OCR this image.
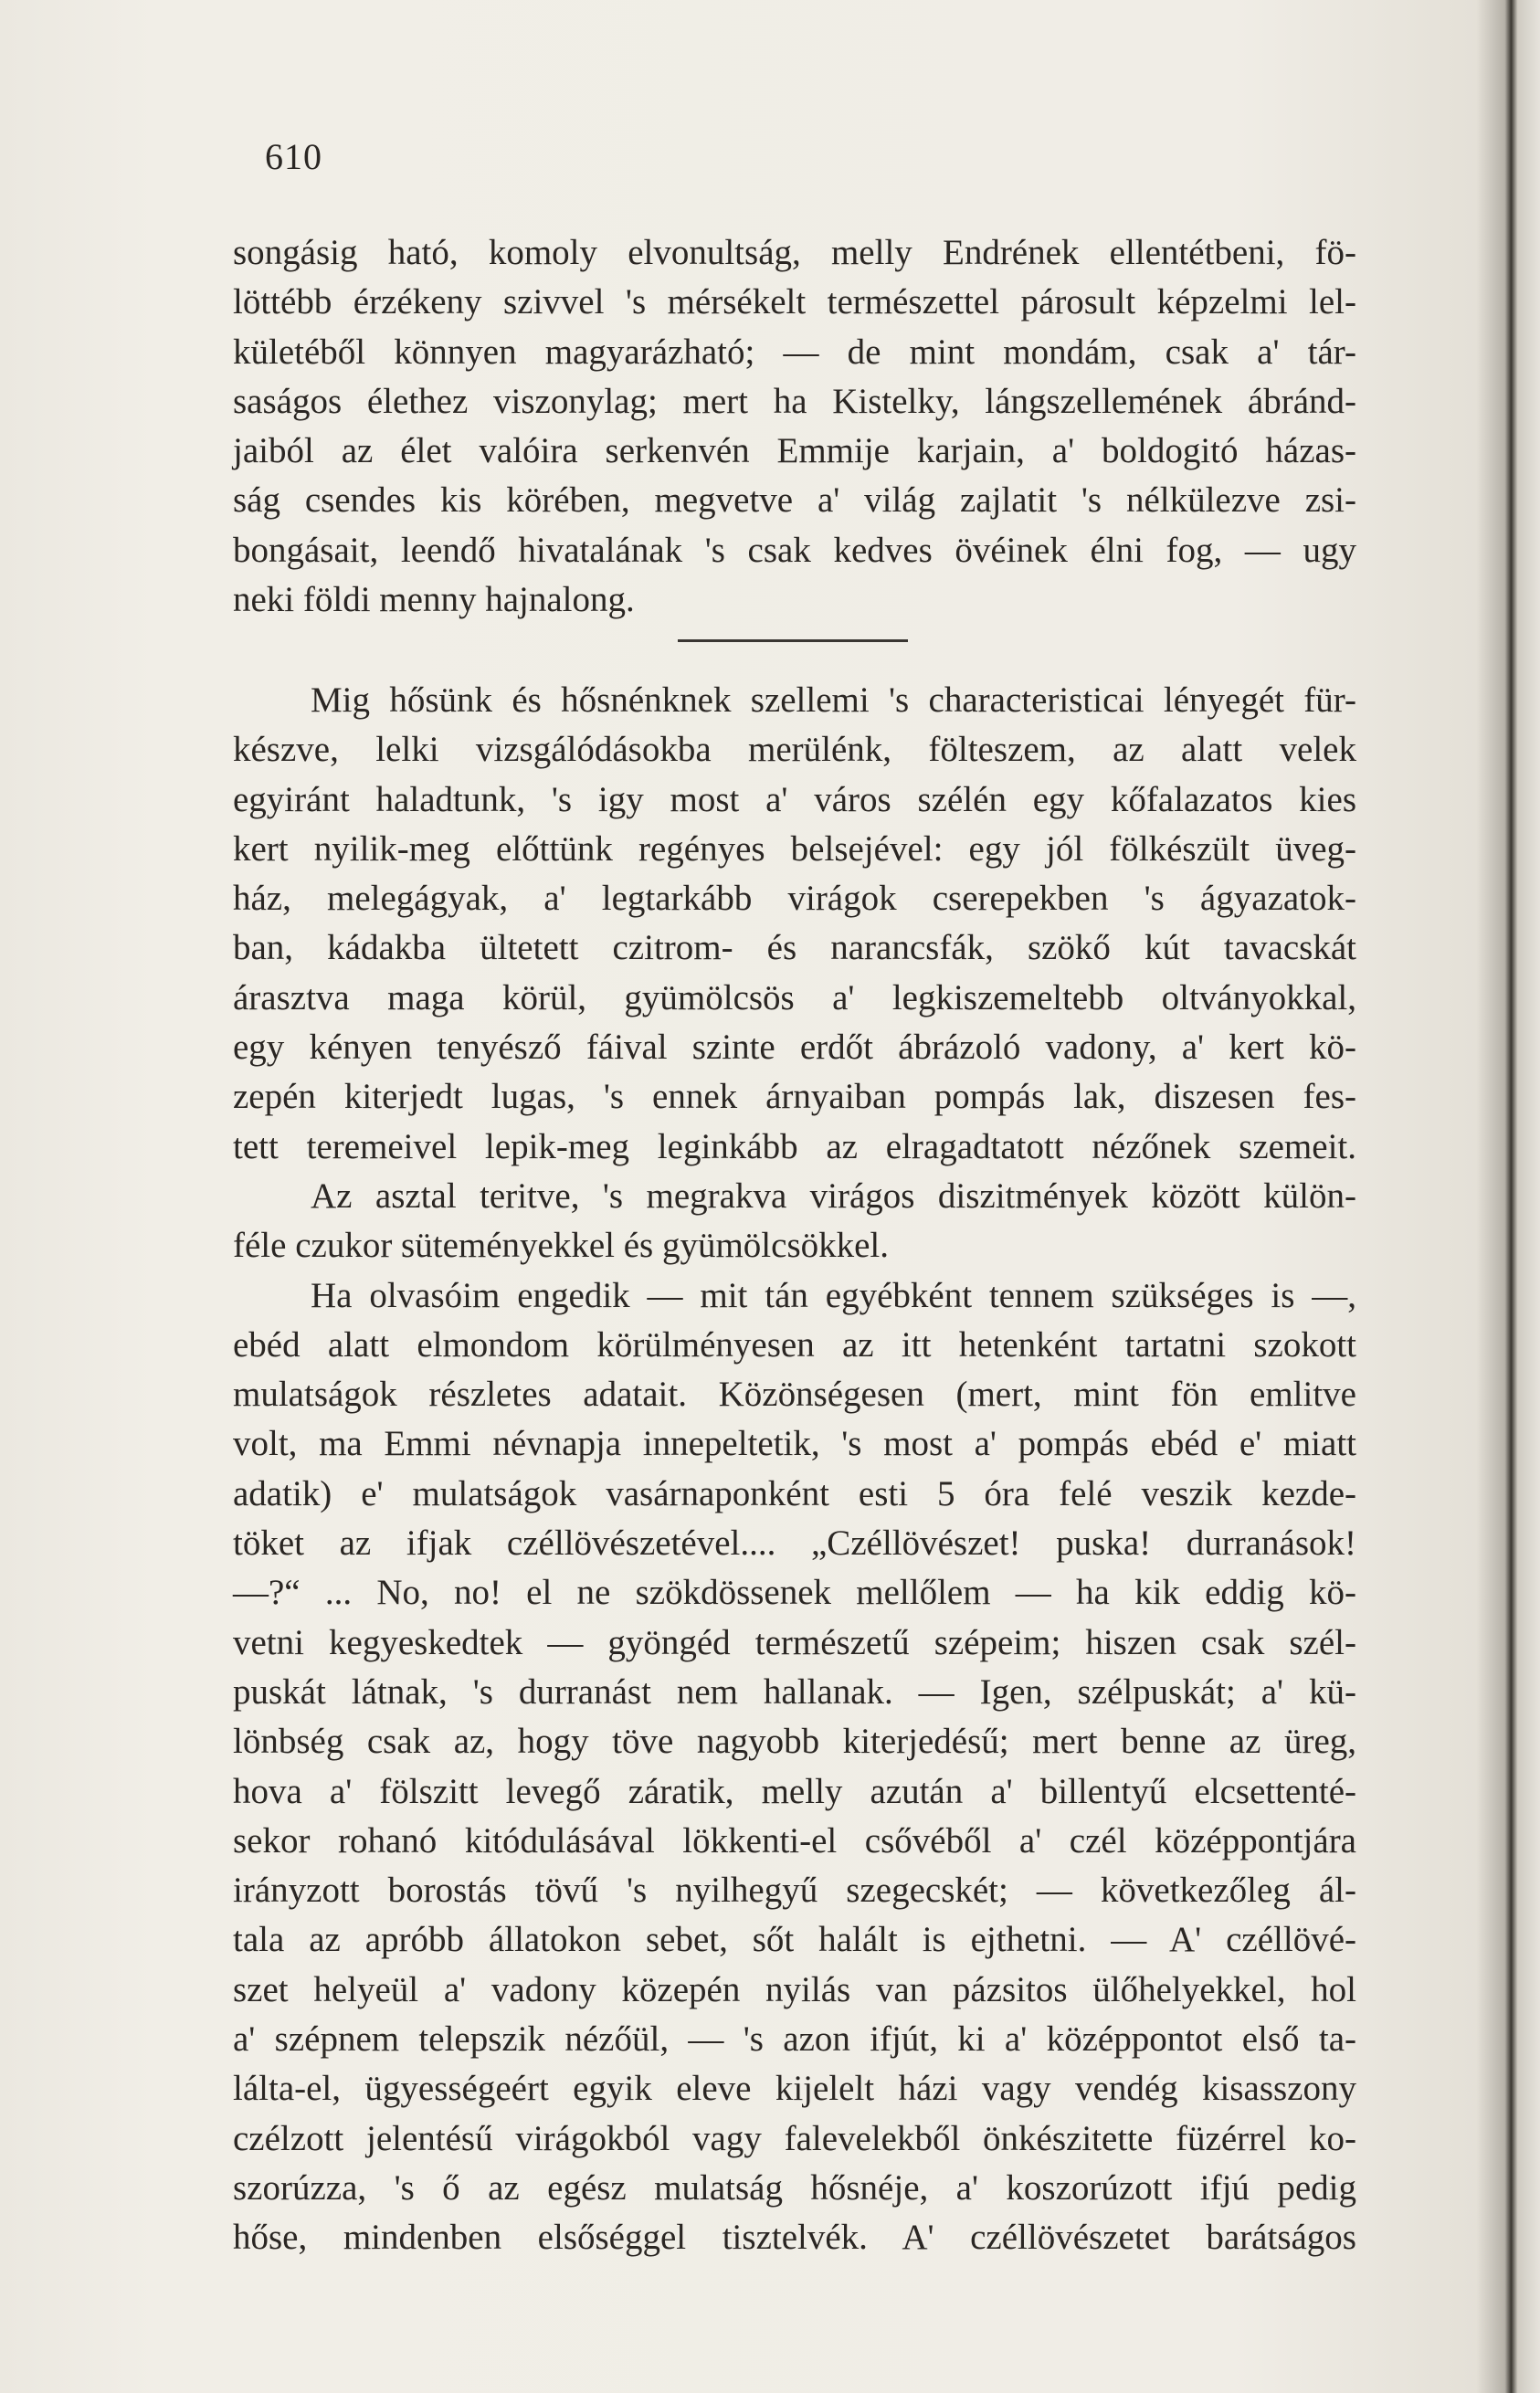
610
songásig ható, komoly elvonultság, melly Endrének ellentétbeni, fö-
löttébb érzékeny szivvel 's mérsékelt természettel párosult képzelmi lel-
kületéből könnyen magyarázható; — de mint mondám, csak a' tár-
saságos élethez viszonylag; mert ha Kistelky, lángszellemének ábránd-
jaiból az élet valóira serkenvén Emmije karjain, a' boldogitó házas-
ság csendes kis körében, megvetve a' világ zajlatit 's nélkülezve zsi-
bongásait, leendő hivatalának 's csak kedves övéinek élni fog, — ugy
neki földi menny hajnalong.
Mig hősünk és hősnénknek szellemi 's characteristicai lényegét für-
készve, lelki vizsgálódásokba merülénk, fölteszem, az alatt velek
egyiránt haladtunk, 's igy most a' város szélén egy kőfalazatos kies
kert nyilik-meg előttünk regényes belsejével: egy jól fölkészült üveg-
ház, melegágyak, a' legtarkább virágok cserepekben 's ágyazatok-
ban, kádakba ültetett czitrom- és narancsfák, szökő kút tavacskát
árasztva maga körül, gyümölcsös a' legkiszemeltebb oltványokkal,
egy kényen tenyésző fáival szinte erdőt ábrázoló vadony, a' kert kö-
zepén kiterjedt lugas, 's ennek árnyaiban pompás lak, diszesen fes-
tett teremeivel lepik-meg leginkább az elragadtatott nézőnek szemeit.
Az asztal teritve, 's megrakva virágos diszitmények között külön-
féle czukor süteményekkel és gyümölcsökkel.
Ha olvasóim engedik — mit tán egyébként tennem szükséges is —,
ebéd alatt elmondom körülményesen az itt hetenként tartatni szokott
mulatságok részletes adatait. Közönségesen (mert, mint fön emlitve
volt, ma Emmi névnapja innepeltetik, 's most a' pompás ebéd e' miatt
adatik) e' mulatságok vasárnaponként esti 5 óra felé veszik kezde-
töket az ifjak czéllövészetével.... „Czéllövészet! puska! durranások!
—?“ ... No, no! el ne szökdössenek mellőlem — ha kik eddig kö-
vetni kegyeskedtek — gyöngéd természetű szépeim; hiszen csak szél-
puskát látnak, 's durranást nem hallanak. — Igen, szélpuskát; a' kü-
lönbség csak az, hogy töve nagyobb kiterjedésű; mert benne az üreg,
hova a' fölszitt levegő záratik, melly azután a' billentyű elcsettenté-
sekor rohanó kitódulásával lökkenti-el csővéből a' czél középpontjára
irányzott borostás tövű 's nyilhegyű szegecskét; — következőleg ál-
tala az apróbb állatokon sebet, sőt halált is ejthetni. — A' czéllövé-
szet helyeül a' vadony közepén nyilás van pázsitos ülőhelyekkel, hol
a' szépnem telepszik nézőül, — 's azon ifjút, ki a' középpontot első ta-
lálta-el, ügyességeért egyik eleve kijelelt házi vagy vendég kisasszony
czélzott jelentésű virágokból vagy falevelekből önkészitette füzérrel ko-
szorúzza, 's ő az egész mulatság hősnéje, a' koszorúzott ifjú pedig
hőse, mindenben elsőséggel tisztelvék. A' czéllövészetet barátságos
